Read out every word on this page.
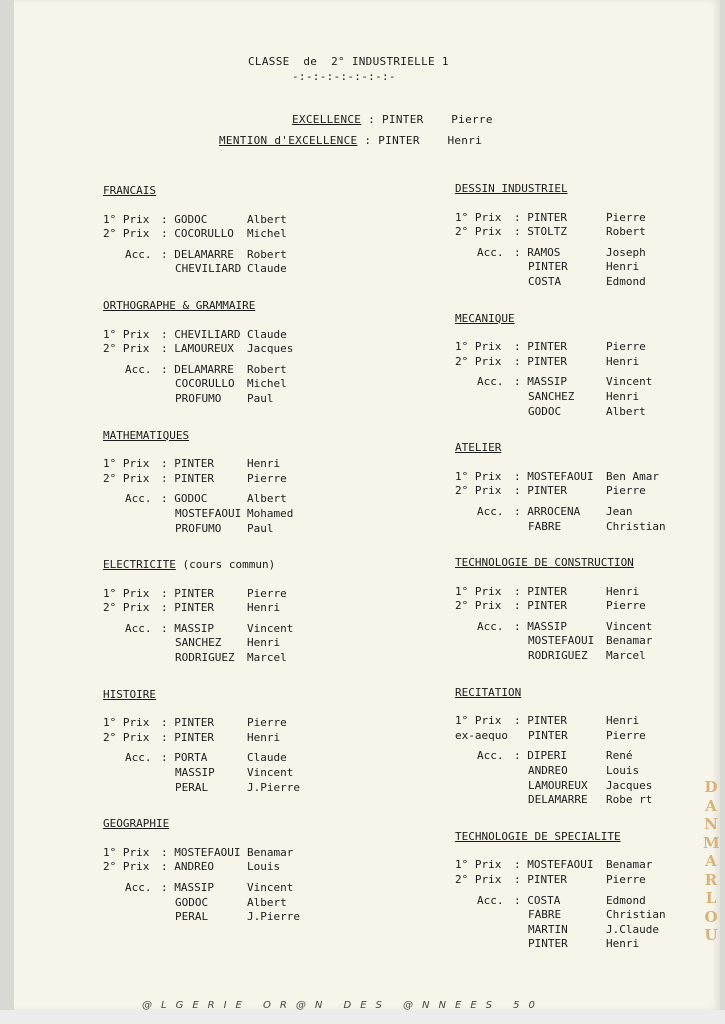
CLASSE  de  2° INDUSTRIELLE 1
-:-:-:-:-:-:-:-
EXCELLENCE : PINTER    Pierre
MENTION d'EXCELLENCE : PINTER    Henri
FRANCAIS
1° Prix : GODOC	Albert
2° Prix : COCORULLO Michel
Acc. : DELAMARRE Robert
CHEVILIARD Claude
ORTHOGRAPHE & GRAMMAIRE
1° Prix : CHEVILIARD Claude
2° Prix : LAMOUREUX Jacques
Acc. : DELAMARRE Robert
COCORULLO Michel
PROFUMO Paul
MATHEMATIQUES
1° Prix : PINTER	Henri
2° Prix : PINTER	Pierre
Acc. : GODOC	Albert
MOSTEFAOUI Mohamed
PROFUMO Paul
ELECTRICITE (cours commun)
1° Prix : PINTER	Pierre
2° Prix : PINTER	Henri
Acc. : MASSIP	Vincent
SANCHEZ Henri
RODRIGUEZ Marcel
HISTOIRE
1° Prix : PINTER	Pierre
2° Prix : PINTER	Henri
Acc. : PORTA	Claude
MASSIP	Vincent
PERAL	J.Pierre
GEOGRAPHIE
1° Prix : MOSTEFAOUI Benamar
2° Prix : ANDREO	Louis
Acc. : MASSIP	Vincent
GODOC	Albert
PERAL	J.Pierre
DESSIN INDUSTRIEL
1° Prix : PINTER	Pierre
2° Prix : STOLTZ	Robert
Acc. : RAMOS	Joseph
PINTER	Henri
COSTA	Edmond
MECANIQUE
1° Prix : PINTER	Pierre
2° Prix : PINTER	Henri
Acc. : MASSIP	Vincent
SANCHEZ	Henri
GODOC	Albert
ATELIER
1° Prix : MOSTEFAOUI Ben Amar
2° Prix : PINTER	Pierre
Acc. : ARROCENA Jean
FABRE	Christian
TECHNOLOGIE DE CONSTRUCTION
1° Prix : PINTER	Henri
2° Prix : PINTER	Pierre
Acc. : MASSIP	Vincent
MOSTEFAOUI Benamar
RODRIGUEZ Marcel
RECITATION
1° Prix : PINTER	Henri
ex-aequo PINTER	Pierre
Acc. : DIPERI	René
ANDREO	Louis
LAMOUREUX Jacques
DELAMARRE Robe rt
TECHNOLOGIE DE SPECIALITE
1° Prix : MOSTEFAOUI Benamar
2° Prix : PINTER	Pierre
Acc. : COSTA	Edmond
FABRE	Christian
MARTIN	J.Claude
PINTER	Henri
@LGERIE OR@N DES @NNEES 50
D
A
N
M
A
R
L
O
U
